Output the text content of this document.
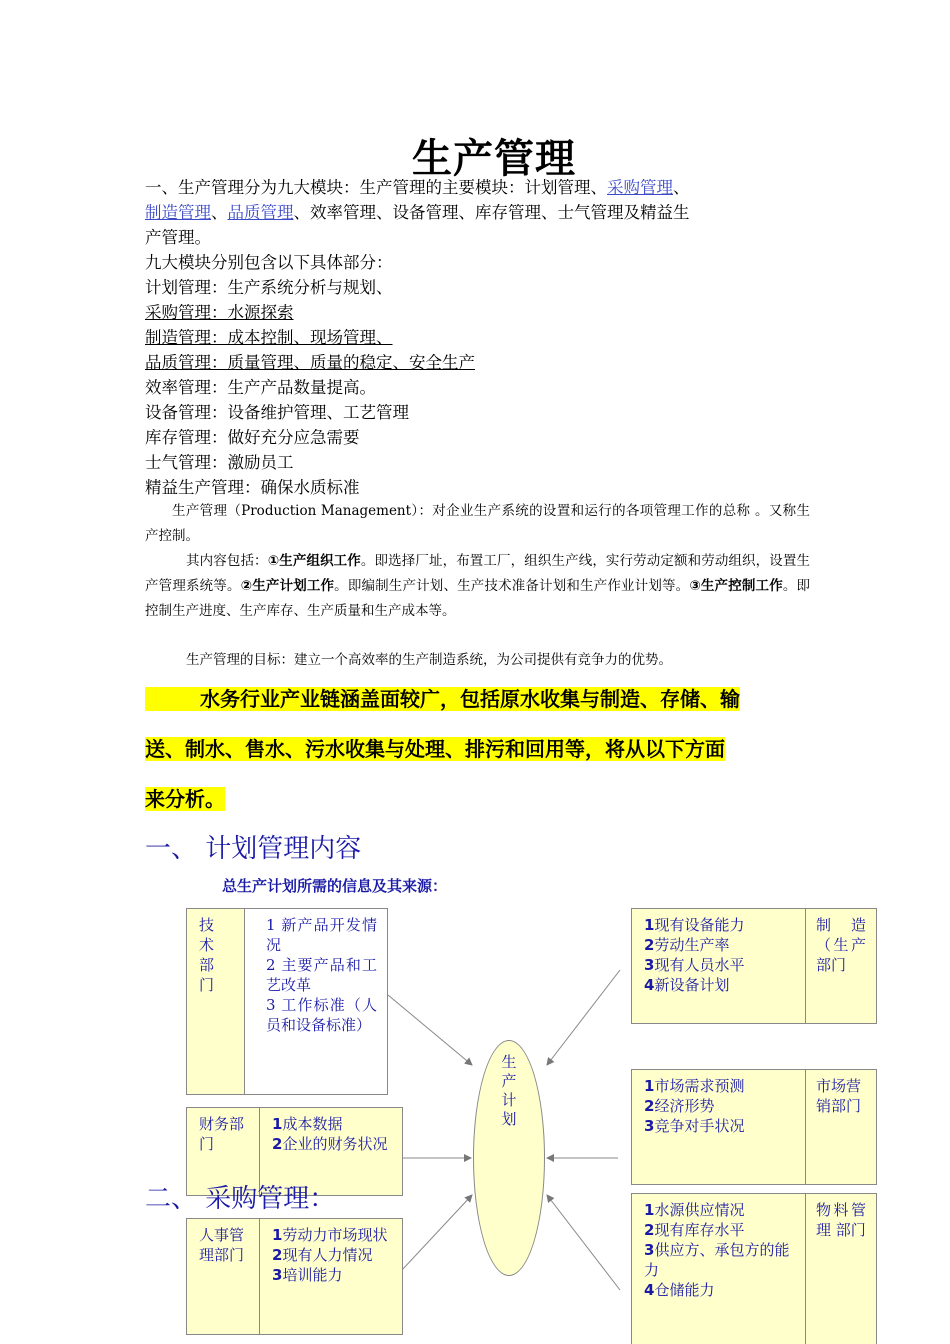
生产管理
一、生产管理分为九大模块：生产管理的主要模块：计划管理、采购管理、
制造管理、品质管理、效率管理、设备管理、库存管理、士气管理及精益生
产管理。
九大模块分别包含以下具体部分：
计划管理：生产系统分析与规划、
采购管理：水源探索
制造管理：成本控制、现场管理、
品质管理：质量管理、质量的稳定、安全生产
效率管理：生产产品数量提高。
设备管理：设备维护管理、工艺管理
库存管理：做好充分应急需要
士气管理：激励员工
精益生产管理：确保水质标准
生产管理（Production Management）：对企业生产系统的设置和运行的各项管理工作的总称 。又称生产控制。
其内容包括：①生产组织工作。即选择厂址，布置工厂，组织生产线，实行劳动定额和劳动组织，设置生产管理系统等。②生产计划工作。即编制生产计划、生产技术准备计划和生产作业计划等。③生产控制工作。即控制生产进度、生产库存、生产质量和生产成本等。
生产管理的目标：建立一个高效率的生产制造系统，为公司提供有竞争力的优势。
水务行业产业链涵盖面较广，包括原水收集与制造、存储、输
送、制水、售水、污水收集与处理、排污和回用等，将从以下方面
来分析。
一、 计划管理内容
总生产计划所需的信息及其来源：
生
产
计
划
技
术
部
门
1 新产品开发情况
2 主要产品和工艺改革
3 工作标准（人员和设备标准）
财务部门
1成本数据
2企业的财务状况
二、 采购管理：
人事管理部门
1劳动力市场现状
2现有人力情况
3培训能力
1现有设备能力
2劳动生产率
3现有人员水平
4新设备计划
制 造（生产部门
1市场需求预测
2经济形势
3竞争对手状况
市场营销部门
1水源供应情况
2现有库存水平
3供应方、承包方的能力
4仓储能力
物料管理 部门
